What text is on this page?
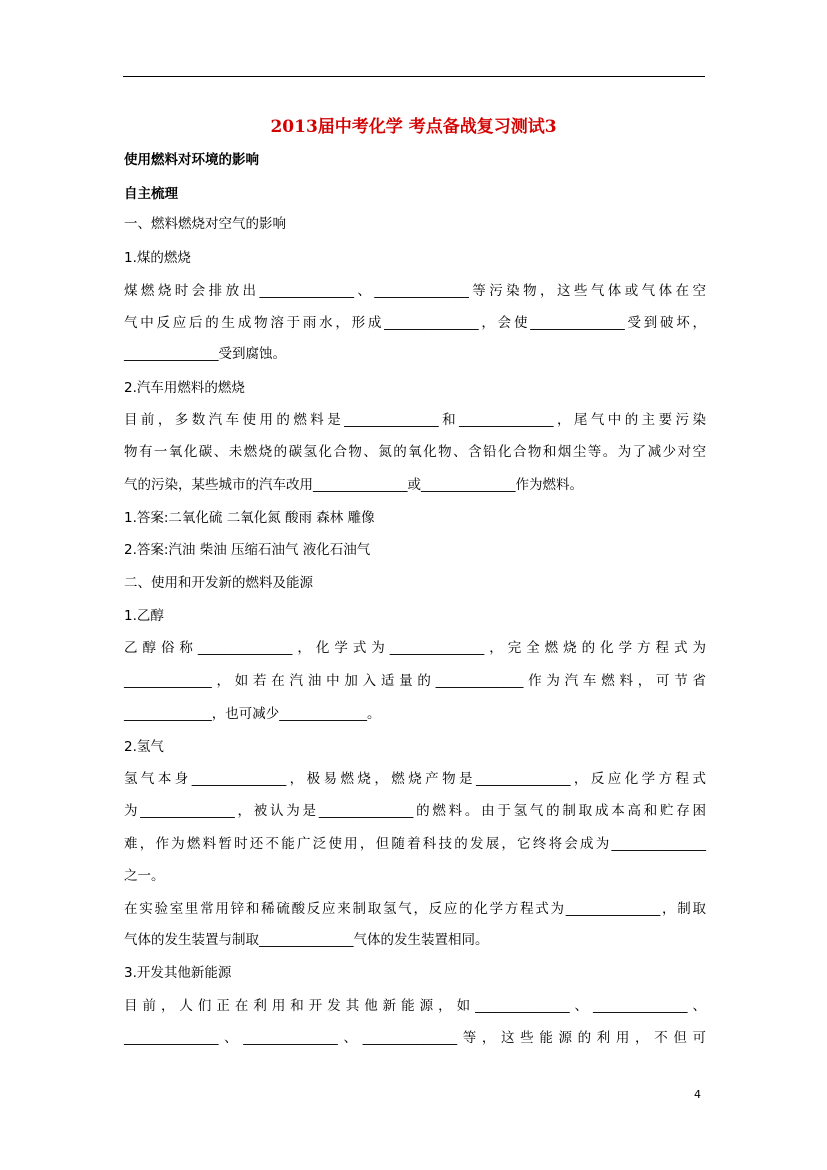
2013届中考化学 考点备战复习测试3
使用燃料对环境的影响
自主梳理
一、燃料燃烧对空气的影响
1.煤的燃烧
煤燃烧时会排放出______________、______________等污染物，这些气体或气体在空
气中反应后的生成物溶于雨水，形成______________，会使______________受到破坏，
______________受到腐蚀。
2.汽车用燃料的燃烧
目前，多数汽车使用的燃料是______________和______________，尾气中的主要污染
物有一氧化碳、未燃烧的碳氢化合物、氮的氧化物、含铅化合物和烟尘等。为了减少对空
气的污染，某些城市的汽车改用______________或______________作为燃料。
1.答案:二氧化硫 二氧化氮 酸雨 森林 雕像
2.答案:汽油 柴油 压缩石油气 液化石油气
二、使用和开发新的燃料及能源
1.乙醇
乙醇俗称______________，化学式为______________，完全燃烧的化学方程式为
_____________，如若在汽油中加入适量的_____________作为汽车燃料，可节省
_____________，也可减少_____________。
2.氢气
氢气本身______________，极易燃烧，燃烧产物是______________，反应化学方程式
为______________，被认为是______________的燃料。由于氢气的制取成本高和贮存困
难，作为燃料暂时还不能广泛使用，但随着科技的发展，它终将会成为______________
之一。
在实验室里常用锌和稀硫酸反应来制取氢气，反应的化学方程式为______________，制取
气体的发生装置与制取______________气体的发生装置相同。
3.开发其他新能源
目前，人们正在利用和开发其他新能源，如______________、______________、
______________、______________、______________等，这些能源的利用，不但可
4
